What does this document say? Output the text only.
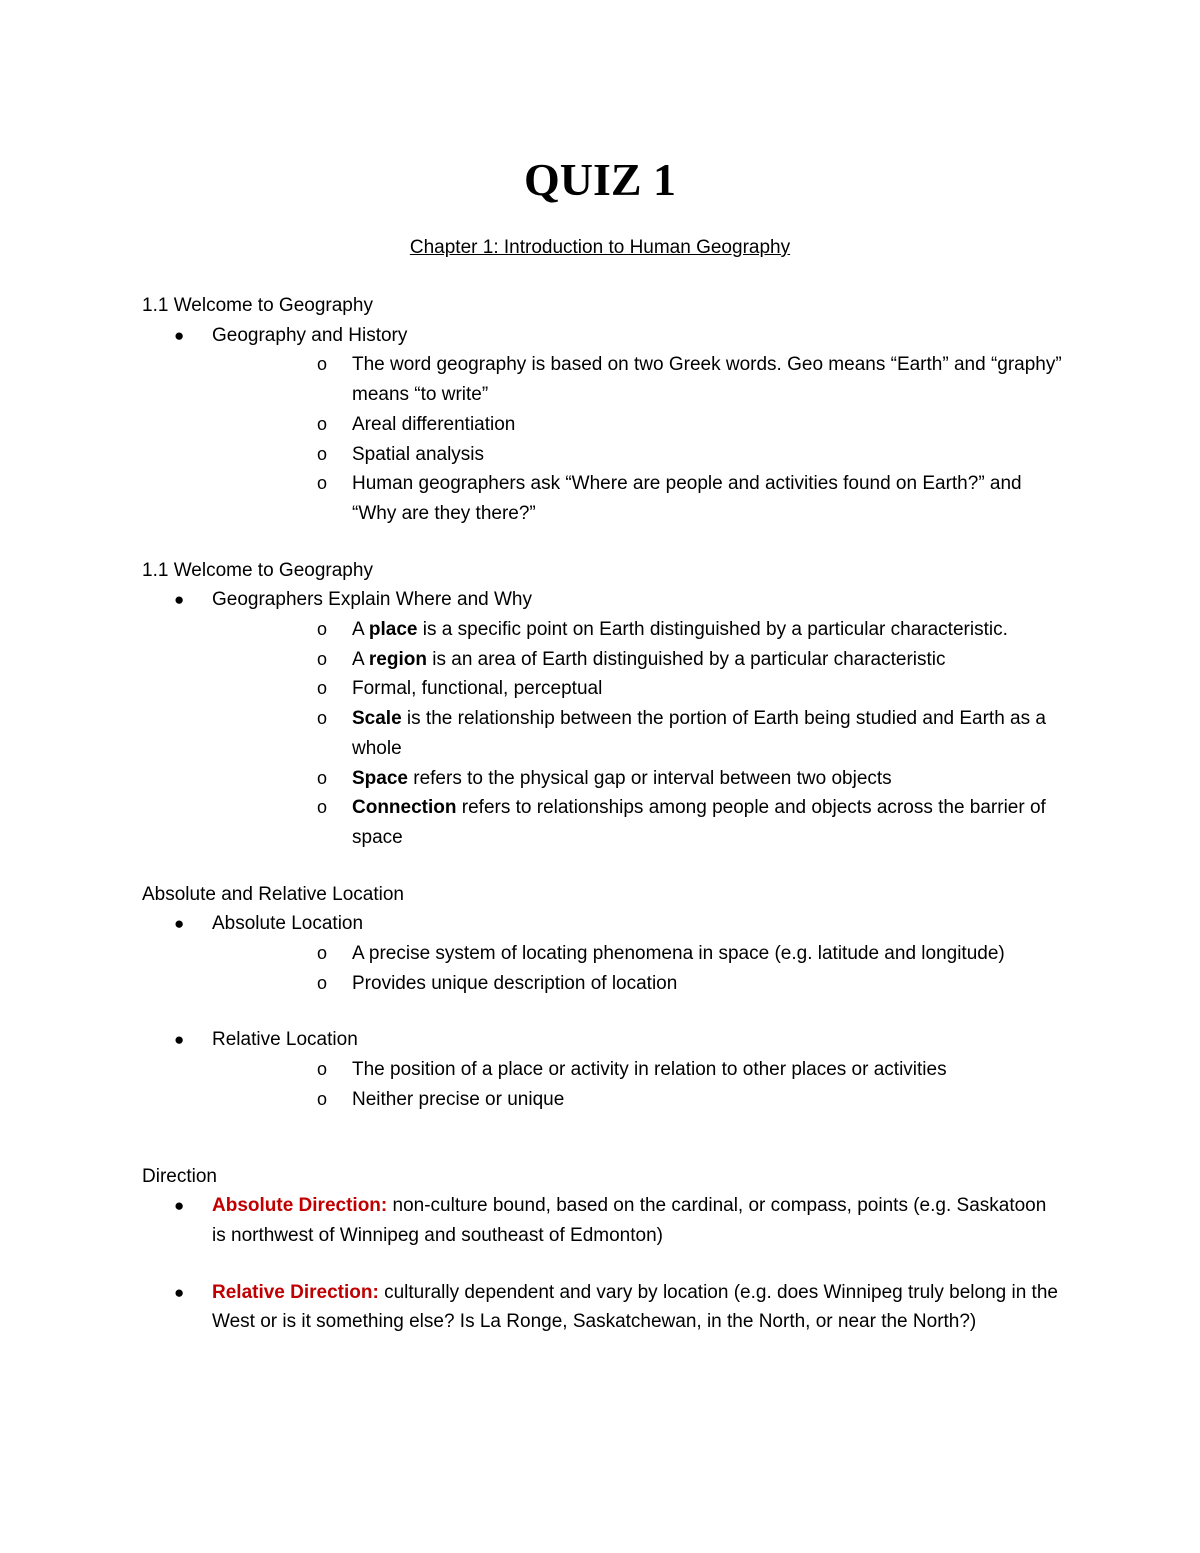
QUIZ 1

Chapter 1: Introduction to Human Geography

1.1 Welcome to Geography

● Geography and History
o The word geography is based on two Greek words. Geo means “Earth” and “graphy” means “to write”
o Areal differentiation
o Spatial analysis
o Human geographers ask “Where are people and activities found on Earth?” and “Why are they there?”

1.1 Welcome to Geography

● Geographers Explain Where and Why
o A place is a specific point on Earth distinguished by a particular characteristic.
o A region is an area of Earth distinguished by a particular characteristic
o Formal, functional, perceptual
o Scale is the relationship between the portion of Earth being studied and Earth as a whole
o Space refers to the physical gap or interval between two objects
o Connection refers to relationships among people and objects across the barrier of space

Absolute and Relative Location

● Absolute Location
o A precise system of locating phenomena in space (e.g. latitude and longitude)
o Provides unique description of location
● Relative Location
o The position of a place or activity in relation to other places or activities
o Neither precise or unique

Direction

● Absolute Direction: non-culture bound, based on the cardinal, or compass, points (e.g. Saskatoon is northwest of Winnipeg and southeast of Edmonton)
● Relative Direction: culturally dependent and vary by location (e.g. does Winnipeg truly belong in the West or is it something else? Is La Ronge, Saskatchewan, in the North, or near the North?)
